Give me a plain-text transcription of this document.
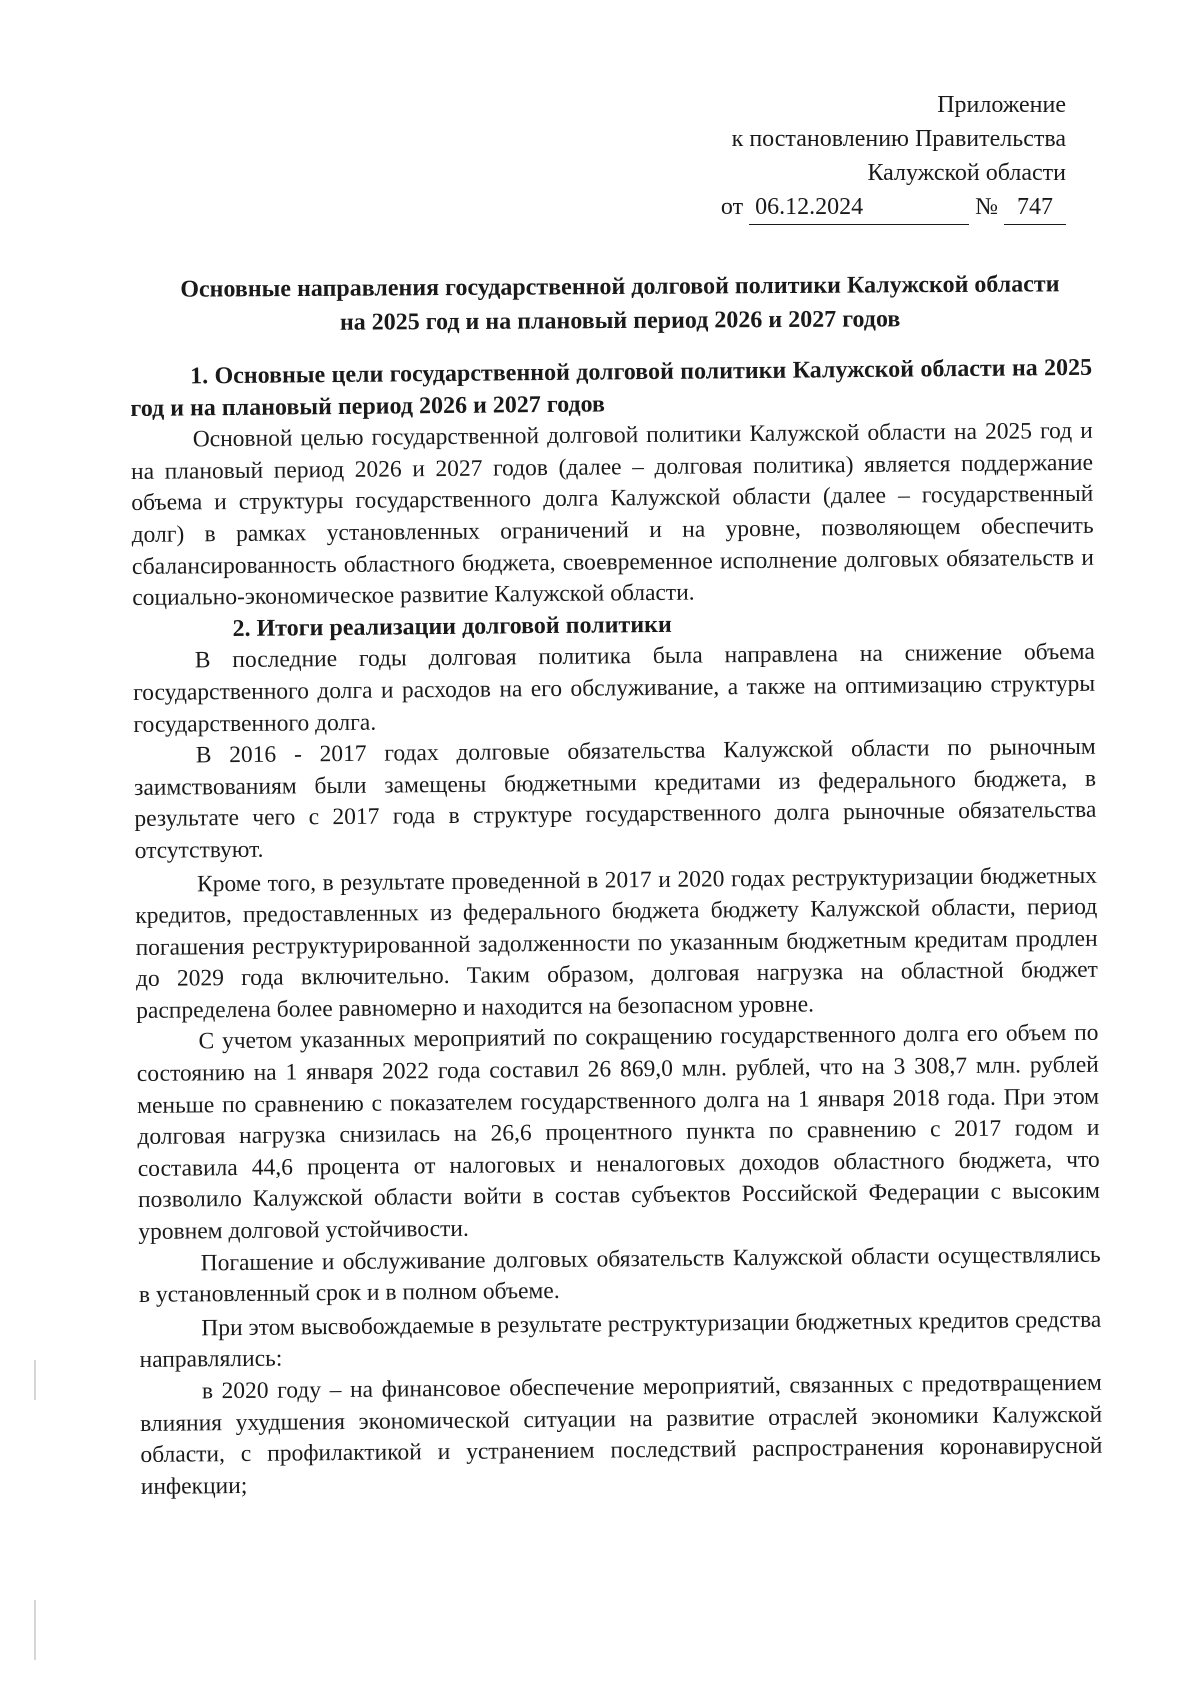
Приложение
к постановлению Правительства
Калужской области
от 06.12.2024	№ 747
Основные направления государственной долговой политики Калужской области
на 2025 год и на плановый период 2026 и 2027 годов

1. Основные цели государственной долговой политики Калужской области на 2025 год и на плановый период 2026 и 2027 годов

Основной целью государственной долговой политики Калужской области на 2025 год и на плановый период 2026 и 2027 годов (далее – долговая политика) является поддержание объема и структуры государственного долга Калужской области (далее – государственный долг) в рамках установленных ограничений и на уровне, позволяющем обеспечить сбалансированность областного бюджета, своевременное исполнение долговых обязательств и социально-экономическое развитие Калужской области.

2. Итоги реализации долговой политики

В последние годы долговая политика была направлена на снижение объема государственного долга и расходов на его обслуживание, а также на оптимизацию структуры государственного долга.

В 2016 - 2017 годах долговые обязательства Калужской области по рыночным заимствованиям были замещены бюджетными кредитами из федерального бюджета, в результате чего с 2017 года в структуре государственного долга рыночные обязательства отсутствуют.

Кроме того, в результате проведенной в 2017 и 2020 годах реструктуризации бюджетных кредитов, предоставленных из федерального бюджета бюджету Калужской области, период погашения реструктурированной задолженности по указанным бюджетным кредитам продлен до 2029 года включительно. Таким образом, долговая нагрузка на областной бюджет распределена более равномерно и находится на безопасном уровне.

С учетом указанных мероприятий по сокращению государственного долга его объем по состоянию на 1 января 2022 года составил 26 869,0 млн. рублей, что на 3 308,7 млн. рублей меньше по сравнению с показателем государственного долга на 1 января 2018 года. При этом долговая нагрузка снизилась на 26,6 процентного пункта по сравнению с 2017 годом и составила 44,6 процента от налоговых и неналоговых доходов областного бюджета, что позволило Калужской области войти в состав субъектов Российской Федерации с высоким уровнем долговой устойчивости.

Погашение и обслуживание долговых обязательств Калужской области осуществлялись в установленный срок и в полном объеме.

При этом высвобождаемые в результате реструктуризации бюджетных кредитов средства направлялись:

в 2020 году – на финансовое обеспечение мероприятий, связанных с предотвращением влияния ухудшения экономической ситуации на развитие отраслей экономики Калужской области, с профилактикой и устранением последствий распространения коронавирусной инфекции;
